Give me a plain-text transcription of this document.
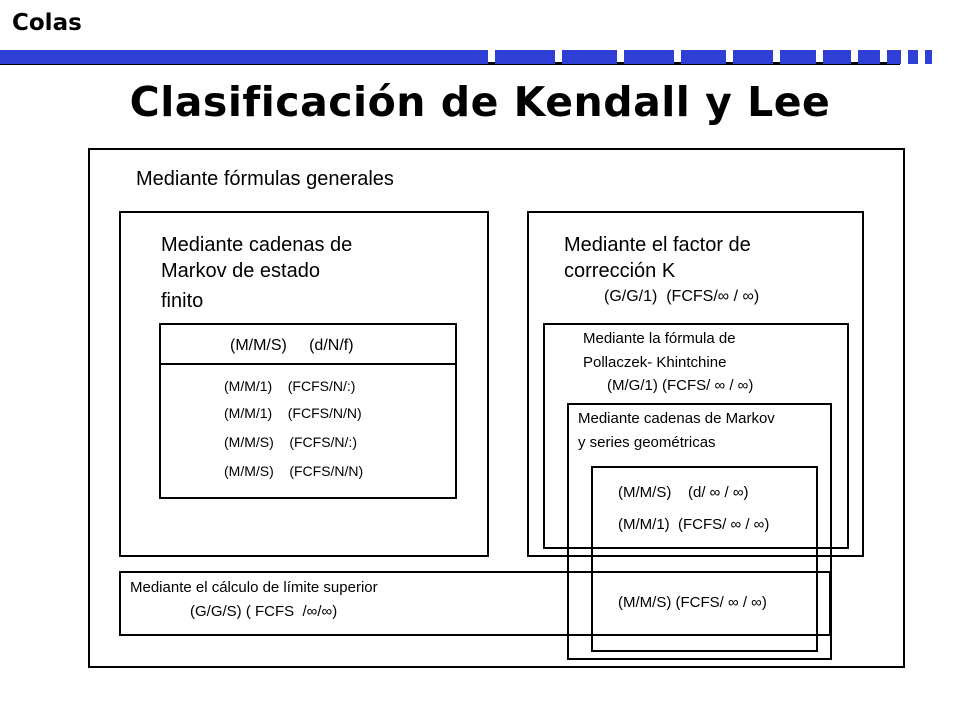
Colas
Clasificación de Kendall y Lee
Mediante fórmulas generales
Mediante cadenas de
Markov de estado
finito
(M/M/S)     (d/N/f)
(M/M/1)    (FCFS/N/:)
(M/M/1)    (FCFS/N/N)
(M/M/S)    (FCFS/N/:)
(M/M/S)    (FCFS/N/N)
Mediante el factor de
corrección K
(G/G/1)  (FCFS/∞ / ∞)
Mediante la fórmula de
Pollaczek- Khintchine
(M/G/1) (FCFS/ ∞ / ∞)
Mediante cadenas de Markov
y series geométricas
(M/M/S)    (d/ ∞ / ∞)
(M/M/1)  (FCFS/ ∞ / ∞)
(M/M/S) (FCFS/ ∞ / ∞)
Mediante el cálculo de límite superior
(G/G/S) ( FCFS  /∞/∞)
